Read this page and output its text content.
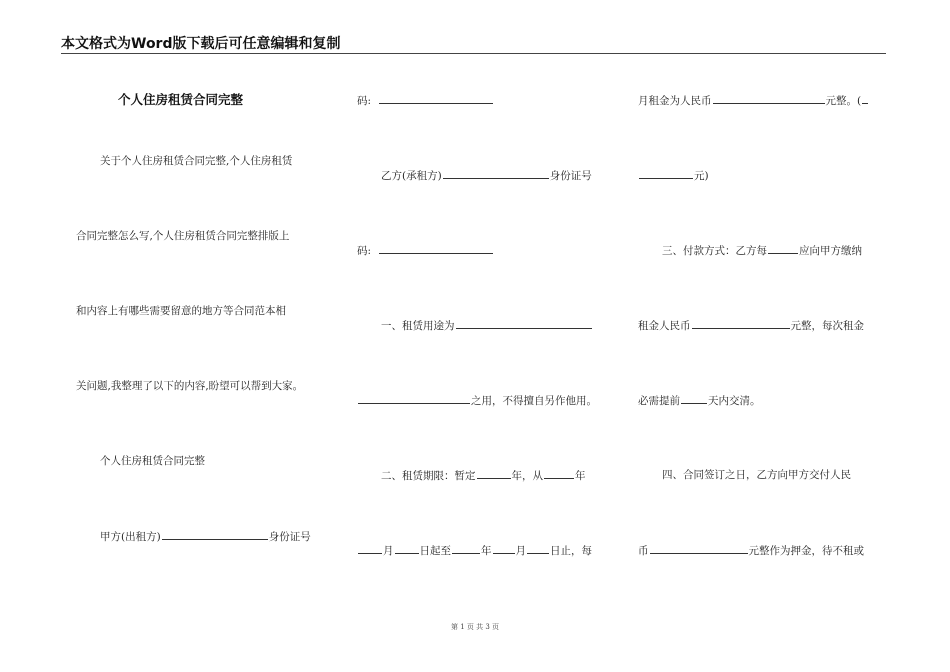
本文格式为Word版下载后可任意编辑和复制
个人住房租赁合同完整
关于个人住房租赁合同完整,个人住房租赁
合同完整怎么写,个人住房租赁合同完整排版上
和内容上有哪些需要留意的地方等合同范本相
关问题,我整理了以下的内容,盼望可以帮到大家。
个人住房租赁合同完整
甲方(出租方)	身份证号
码:
乙方(承租方)	身份证号
码:
一、租赁用途为
之用，不得擅自另作他用。
二、租赁期限：暂定	年，从	年
月 日起至	年 月 日止，每
月租金为人民币	元整。(
元)
三、付款方式：乙方每	应向甲方缴纳
租金人民币	元整，每次租金
必需提前	天内交清。
四、合同签订之日，乙方向甲方交付人民
币	元整作为押金，待不租或
第 1 页 共 3 页
